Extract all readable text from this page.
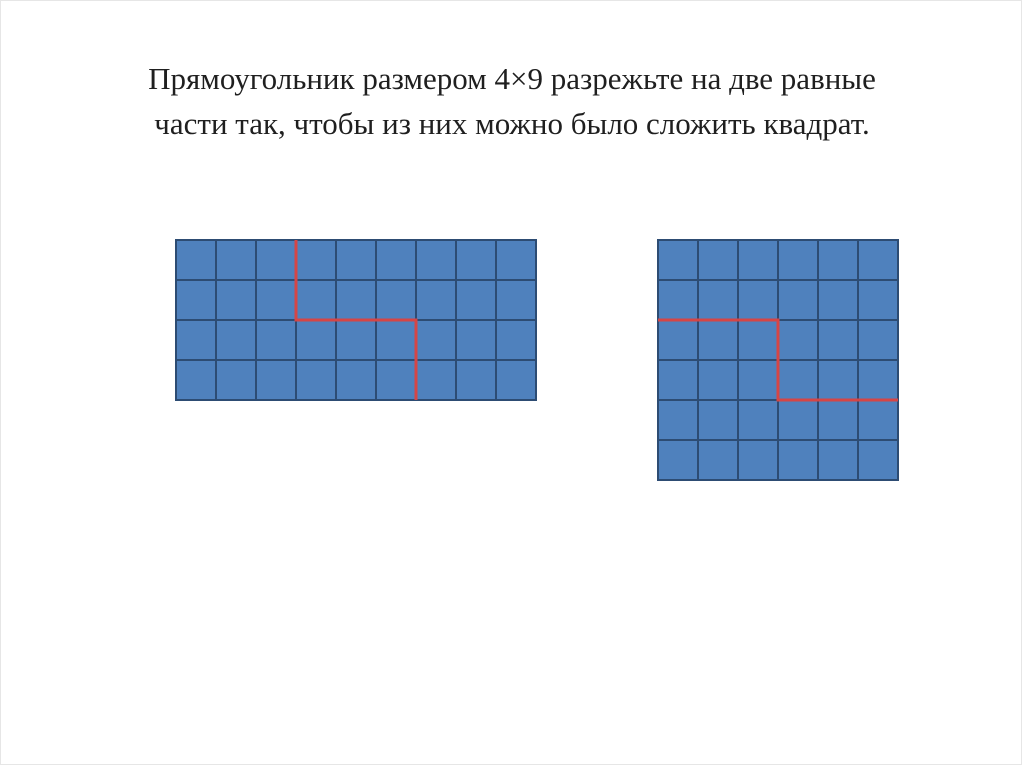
Прямоугольник размером 4×9 разрежьте на две равные
части так, чтобы из них можно было сложить квадрат.
